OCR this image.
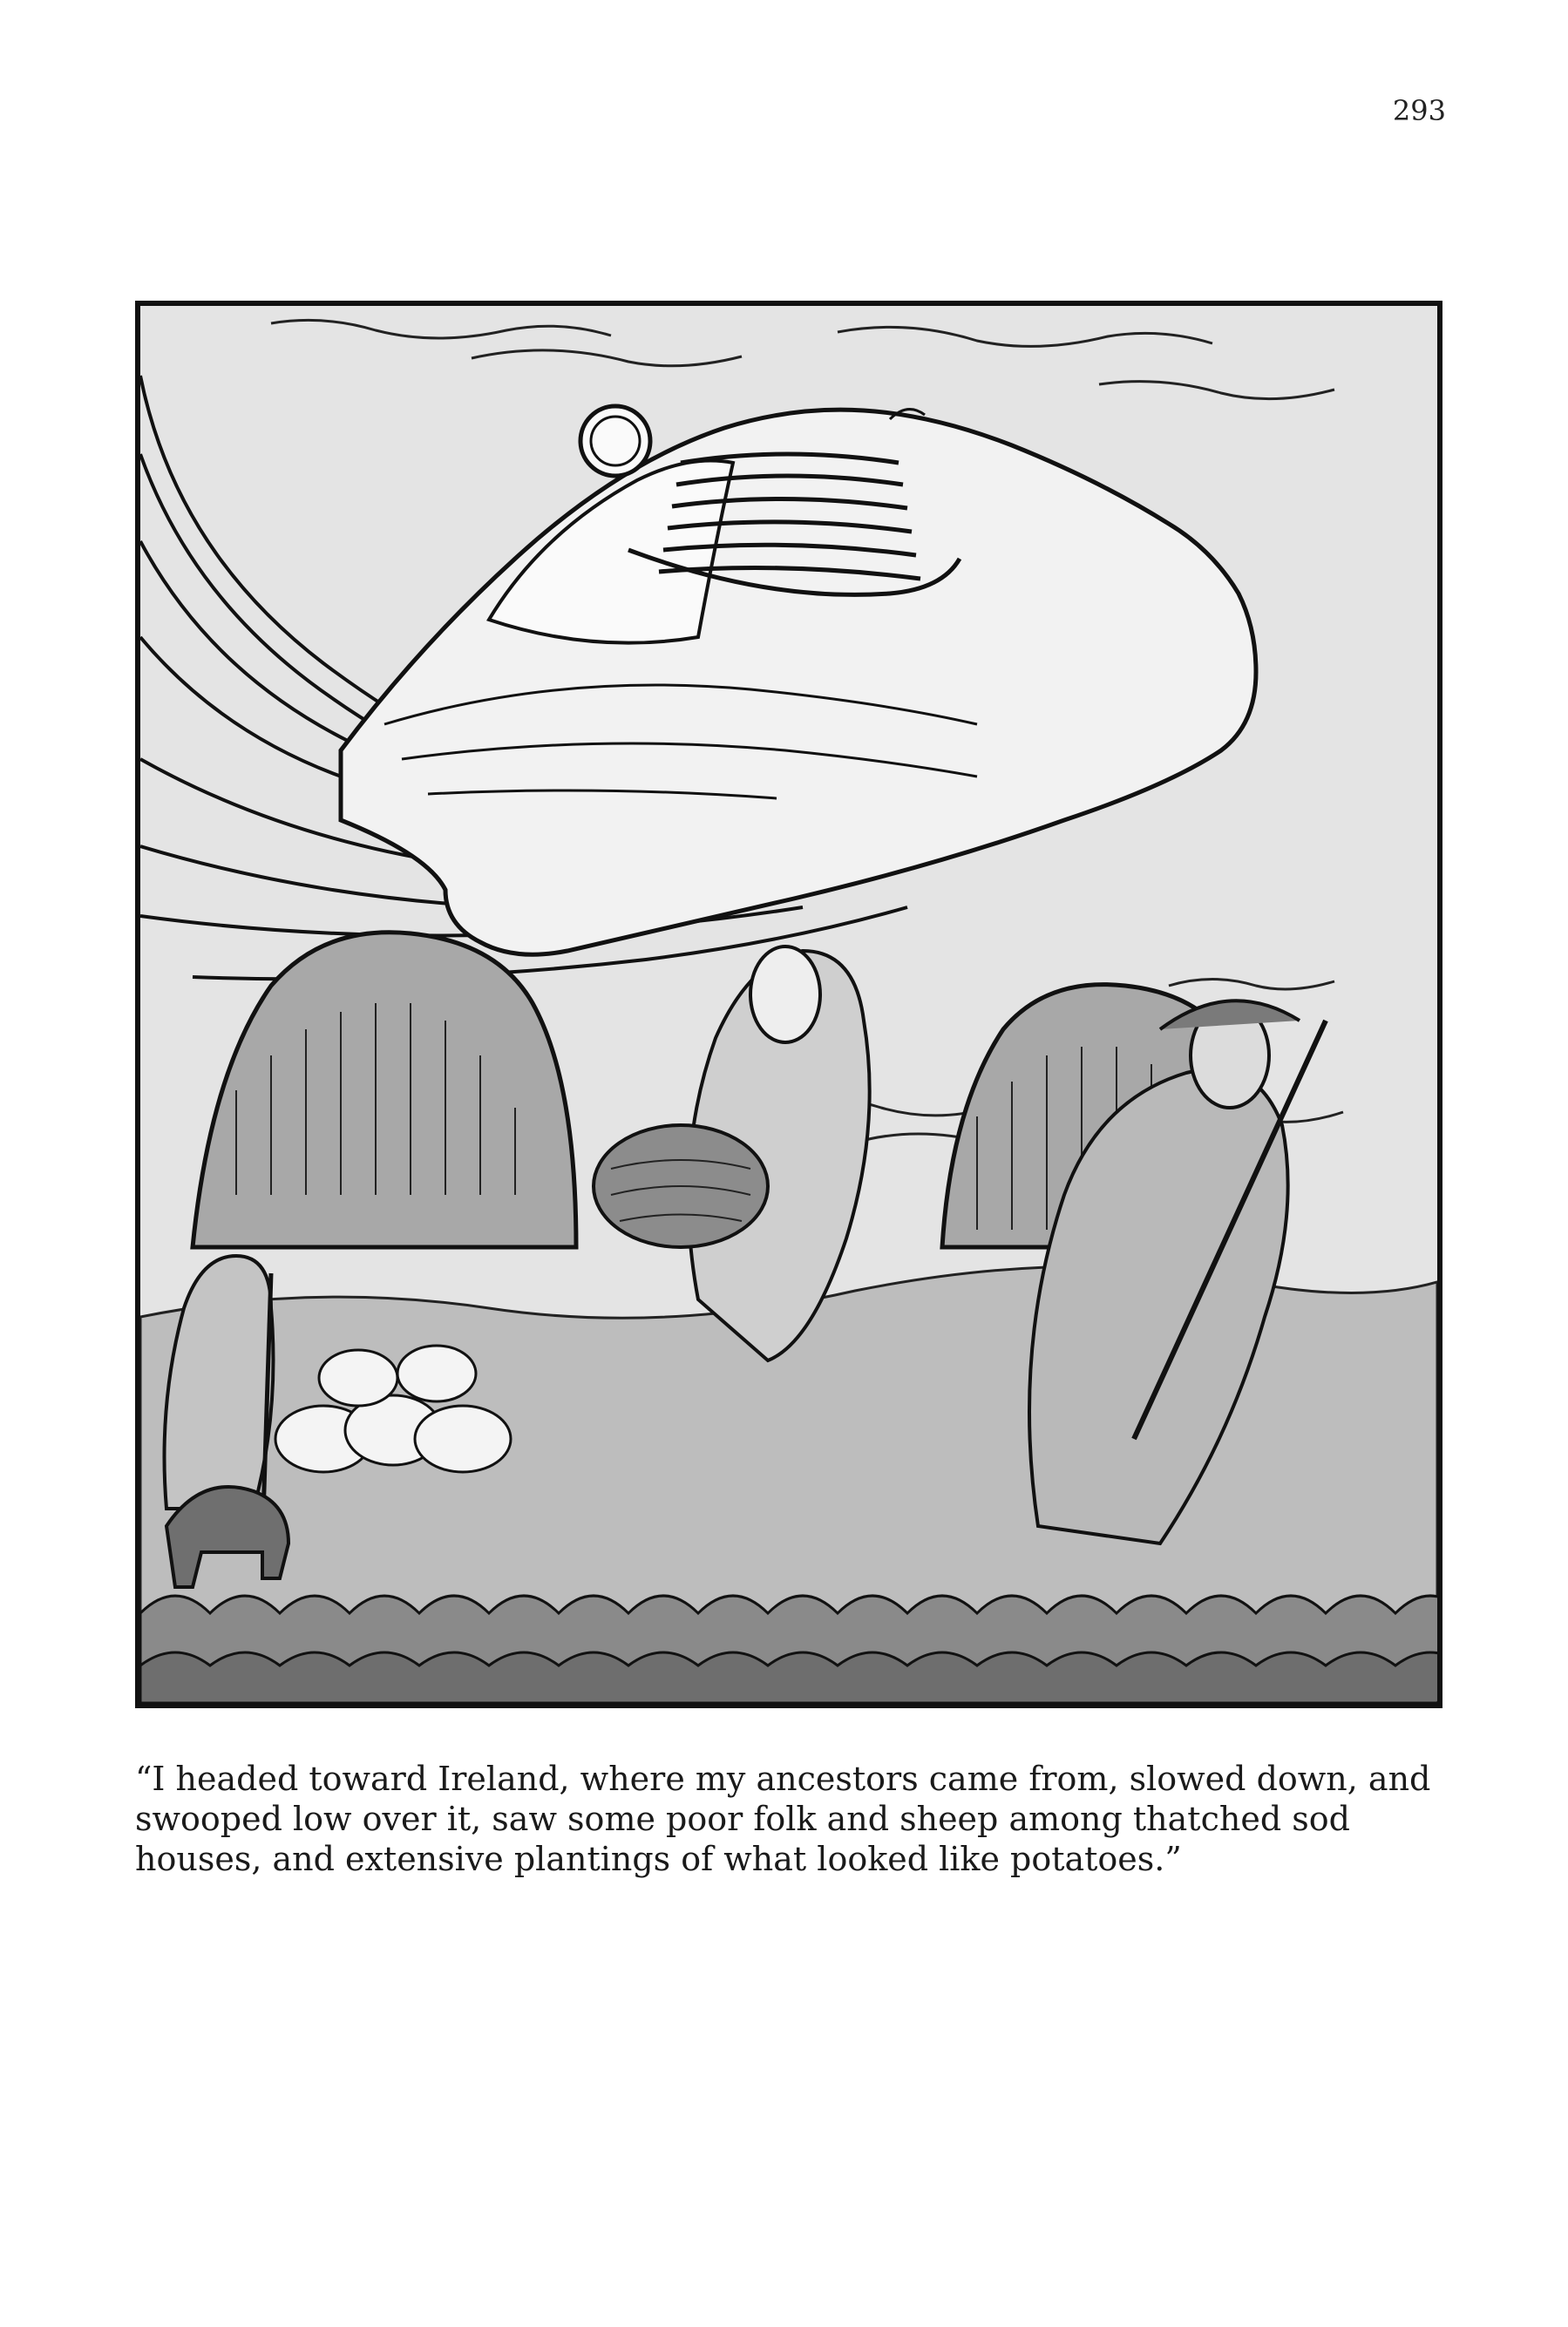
293
“I headed toward Ireland, where my ancestors came from, slowed down, and swooped low over it, saw some poor folk and sheep among thatched sod houses, and extensive plantings of what looked like potatoes.”
